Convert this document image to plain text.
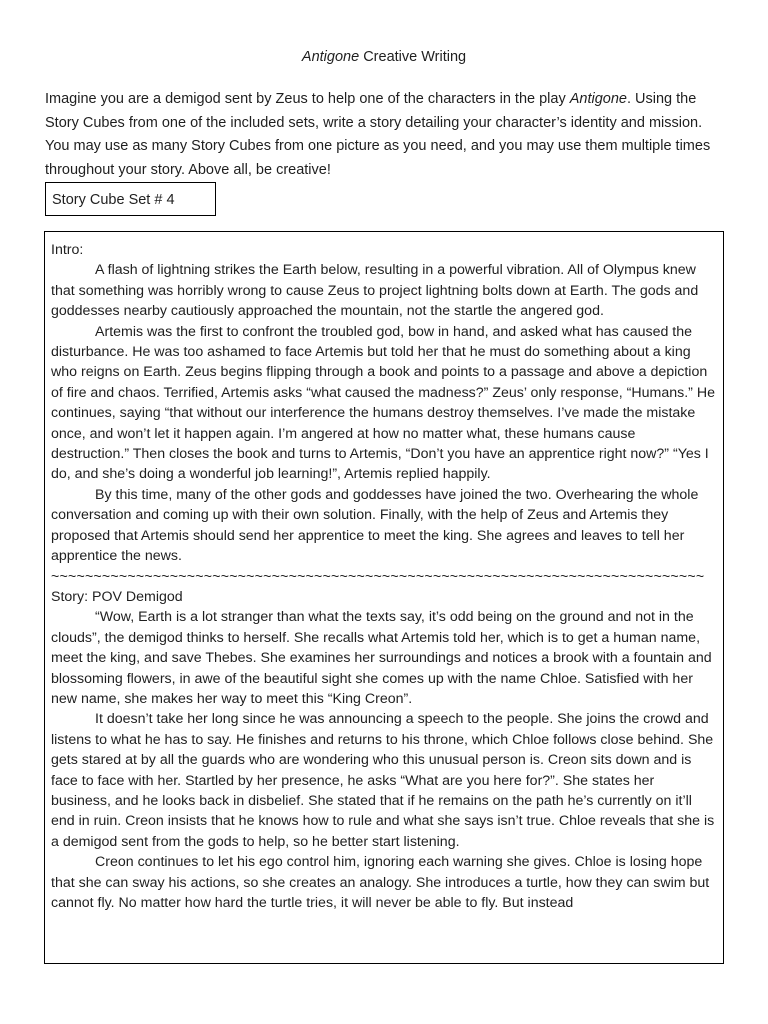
Antigone Creative Writing
Imagine you are a demigod sent by Zeus to help one of the characters in the play Antigone. Using the Story Cubes from one of the included sets, write a story detailing your character’s identity and mission. You may use as many Story Cubes from one picture as you need, and you may use them multiple times throughout your story. Above all, be creative!
Story Cube Set # 4

Intro:

A flash of lightning strikes the Earth below, resulting in a powerful vibration. All of Olympus knew that something was horribly wrong to cause Zeus to project lightning bolts down at Earth. The gods and goddesses nearby cautiously approached the mountain, not the startle the angered god.

Artemis was the first to confront the troubled god, bow in hand, and asked what has caused the disturbance. He was too ashamed to face Artemis but told her that he must do something about a king who reigns on Earth. Zeus begins flipping through a book and points to a passage and above a depiction of fire and chaos. Terrified, Artemis asks “what caused the madness?” Zeus’ only response, “Humans.” He continues, saying “that without our interference the humans destroy themselves. I’ve made the mistake once, and won’t let it happen again. I’m angered at how no matter what, these humans cause destruction.” Then closes the book and turns to Artemis, “Don’t you have an apprentice right now?” “Yes I do, and she’s doing a wonderful job learning!”, Artemis replied happily.

By this time, many of the other gods and goddesses have joined the two. Overhearing the whole conversation and coming up with their own solution. Finally, with the help of Zeus and Artemis they proposed that Artemis should send her apprentice to meet the king. She agrees and leaves to tell her apprentice the news.

~~~~~~~~~~~~~~~~~~~~~~~~~~~~~~~~~~~~~~~~~~~~~~~~~~~~~~~~~~~~~~~~~~~~~~~~~~~~~

Story: POV Demigod

“Wow, Earth is a lot stranger than what the texts say, it’s odd being on the ground and not in the clouds”, the demigod thinks to herself. She recalls what Artemis told her, which is to get a human name, meet the king, and save Thebes. She examines her surroundings and notices a brook with a fountain and blossoming flowers, in awe of the beautiful sight she comes up with the name Chloe. Satisfied with her new name, she makes her way to meet this “King Creon”.

It doesn’t take her long since he was announcing a speech to the people. She joins the crowd and listens to what he has to say. He finishes and returns to his throne, which Chloe follows close behind. She gets stared at by all the guards who are wondering who this unusual person is. Creon sits down and is face to face with her. Startled by her presence, he asks “What are you here for?”. She states her business, and he looks back in disbelief. She stated that if he remains on the path he’s currently on it’ll end in ruin. Creon insists that he knows how to rule and what she says isn’t true. Chloe reveals that she is a demigod sent from the gods to help, so he better start listening.

Creon continues to let his ego control him, ignoring each warning she gives. Chloe is losing hope that she can sway his actions, so she creates an analogy. She introduces a turtle, how they can swim but cannot fly. No matter how hard the turtle tries, it will never be able to fly. But instead
